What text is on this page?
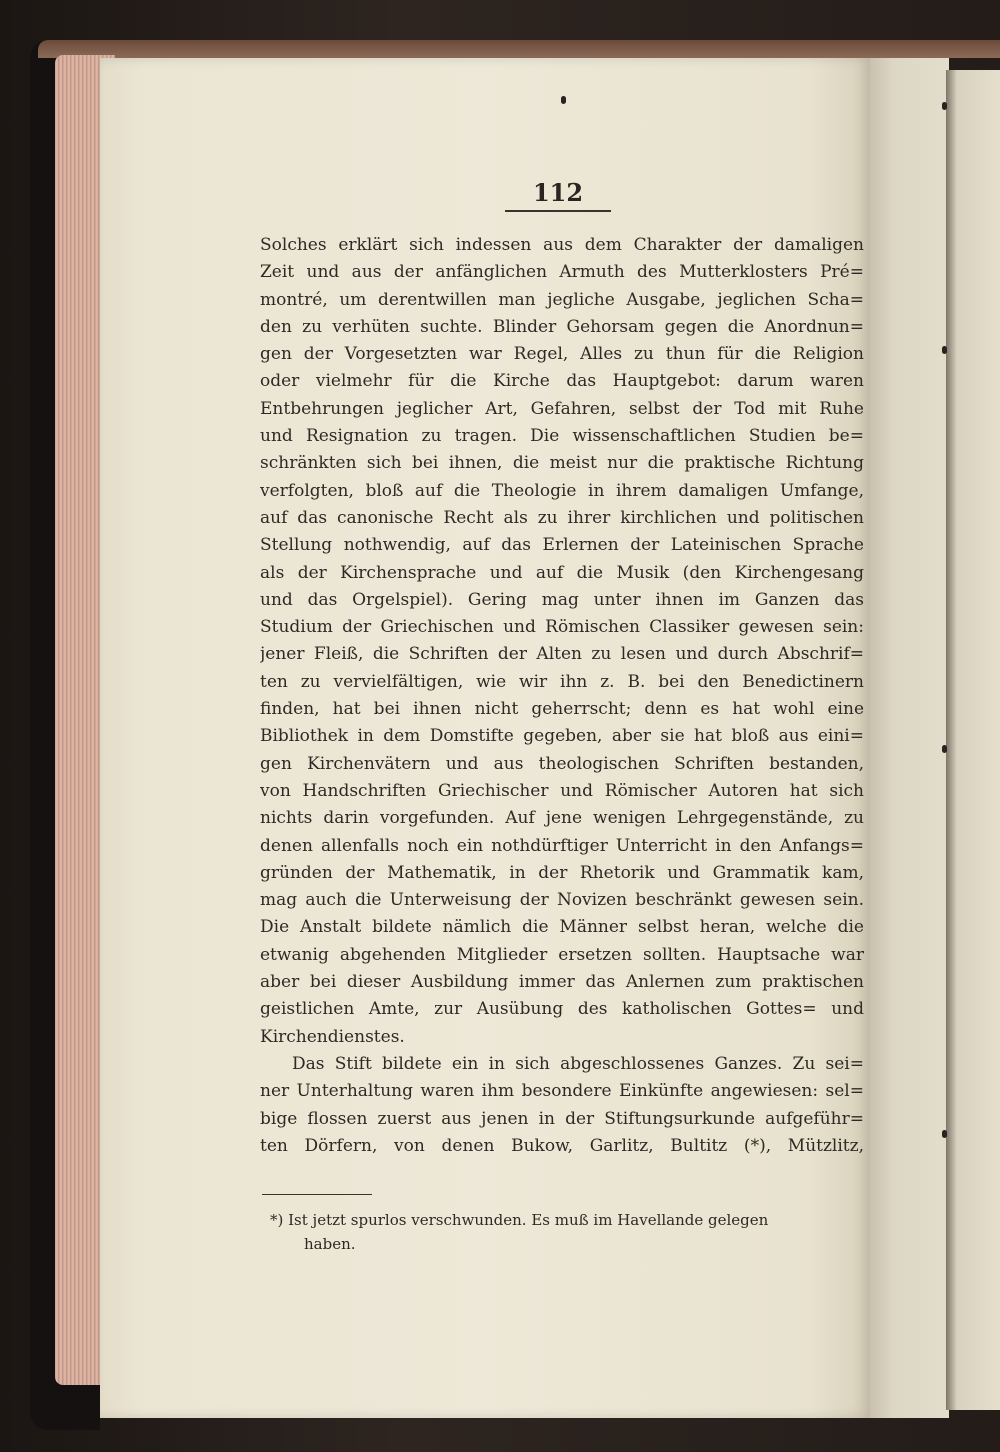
112
Solches erklärt sich indessen aus dem Charakter der damaligen
Zeit und aus der anfänglichen Armuth des Mutterklosters Pré=
montré, um derentwillen man jegliche Ausgabe, jeglichen Scha=
den zu verhüten suchte. Blinder Gehorsam gegen die Anordnun=
gen der Vorgesetzten war Regel, Alles zu thun für die Religion
oder vielmehr für die Kirche das Hauptgebot: darum waren
Entbehrungen jeglicher Art, Gefahren, selbst der Tod mit Ruhe
und Resignation zu tragen. Die wissenschaftlichen Studien be=
schränkten sich bei ihnen, die meist nur die praktische Richtung
verfolgten, bloß auf die Theologie in ihrem damaligen Umfange,
auf das canonische Recht als zu ihrer kirchlichen und politischen
Stellung nothwendig, auf das Erlernen der Lateinischen Sprache
als der Kirchensprache und auf die Musik (den Kirchengesang
und das Orgelspiel). Gering mag unter ihnen im Ganzen das
Studium der Griechischen und Römischen Classiker gewesen sein:
jener Fleiß, die Schriften der Alten zu lesen und durch Abschrif=
ten zu vervielfältigen, wie wir ihn z. B. bei den Benedictinern
finden, hat bei ihnen nicht geherrscht; denn es hat wohl eine
Bibliothek in dem Domstifte gegeben, aber sie hat bloß aus eini=
gen Kirchenvätern und aus theologischen Schriften bestanden,
von Handschriften Griechischer und Römischer Autoren hat sich
nichts darin vorgefunden. Auf jene wenigen Lehrgegenstände, zu
denen allenfalls noch ein nothdürftiger Unterricht in den Anfangs=
gründen der Mathematik, in der Rhetorik und Grammatik kam,
mag auch die Unterweisung der Novizen beschränkt gewesen sein.
Die Anstalt bildete nämlich die Männer selbst heran, welche die
etwanig abgehenden Mitglieder ersetzen sollten. Hauptsache war
aber bei dieser Ausbildung immer das Anlernen zum praktischen
geistlichen Amte, zur Ausübung des katholischen Gottes= und
Kirchendienstes.
Das Stift bildete ein in sich abgeschlossenes Ganzes. Zu sei=
ner Unterhaltung waren ihm besondere Einkünfte angewiesen: sel=
bige flossen zuerst aus jenen in der Stiftungsurkunde aufgeführ=
ten Dörfern, von denen Bukow, Garlitz, Bultitz (*), Mützlitz,
*) Ist jetzt spurlos verschwunden. Es muß im Havellande gelegen
haben.
